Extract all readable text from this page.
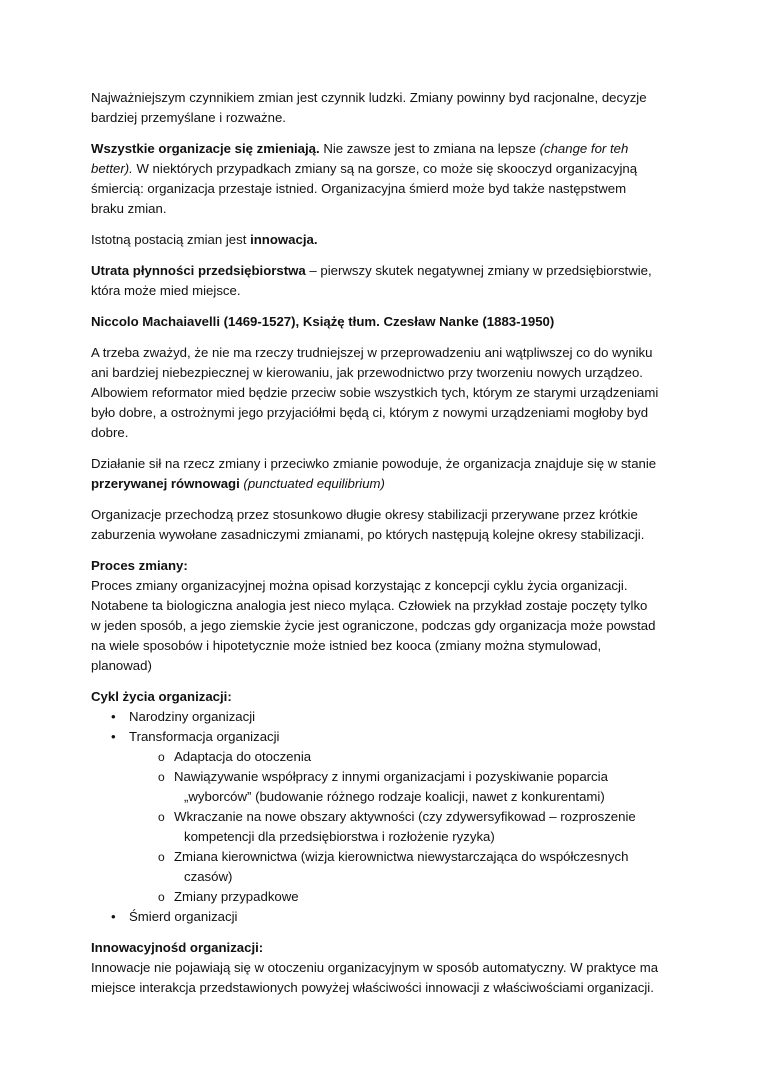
Najważniejszym czynnikiem zmian jest czynnik ludzki. Zmiany powinny byd racjonalne, decyzje bardziej przemyślane i rozważne.

Wszystkie organizacje się zmieniają. Nie zawsze jest to zmiana na lepsze (change for teh better). W niektórych przypadkach zmiany są na gorsze, co może się skooczyd organizacyjną śmiercią: organizacja przestaje istnied. Organizacyjna śmierd może byd także następstwem braku zmian.

Istotną postacią zmian jest innowacja.

Utrata płynności przedsiębiorstwa – pierwszy skutek negatywnej zmiany w przedsiębiorstwie, która może mied miejsce.

Niccolo Machaiavelli (1469-1527), Książę tłum. Czesław Nanke (1883-1950)

A trzeba zważyd, że nie ma rzeczy trudniejszej w przeprowadzeniu ani wątpliwszej co do wyniku ani bardziej niebezpiecznej w kierowaniu, jak przewodnictwo przy tworzeniu nowych urządzeo. Albowiem reformator mied będzie przeciw sobie wszystkich tych, którym ze starymi urządzeniami było dobre, a ostrożnymi jego przyjaciółmi będą ci, którym z nowymi urządzeniami mogłoby byd dobre.

Działanie sił na rzecz zmiany i przeciwko zmianie powoduje, że organizacja znajduje się w stanie przerywanej równowagi (punctuated equilibrium)

Organizacje przechodzą przez stosunkowo długie okresy stabilizacji przerywane przez krótkie zaburzenia wywołane zasadniczymi zmianami, po których następują kolejne okresy stabilizacji.

Proces zmiany:
Proces zmiany organizacyjnej można opisad korzystając z koncepcji cyklu życia organizacji. Notabene ta biologiczna analogia jest nieco myląca. Człowiek na przykład zostaje poczęty tylko w jeden sposób, a jego ziemskie życie jest ograniczone, podczas gdy organizacja może powstad na wiele sposobów i hipotetycznie może istnied bez kooca (zmiany można stymulowad, planowad)
Cykl życia organizacji:
• Narodziny organizacji
• Transformacja organizacji
o Adaptacja do otoczenia
o Nawiązywanie współpracy z innymi organizacjami i pozyskiwanie poparcia
„wyborców” (budowanie różnego rodzaje koalicji, nawet z konkurentami)
o Wkraczanie na nowe obszary aktywności (czy zdywersyfikowad – rozproszenie
kompetencji dla przedsiębiorstwa i rozłożenie ryzyka)
o Zmiana kierownictwa (wizja kierownictwa niewystarczająca do współczesnych
czasów)
o Zmiany przypadkowe
• Śmierd organizacji
Innowacyjnośd organizacji:
Innowacje nie pojawiają się w otoczeniu organizacyjnym w sposób automatyczny. W praktyce ma miejsce interakcja przedstawionych powyżej właściwości innowacji z właściwościami organizacji.
